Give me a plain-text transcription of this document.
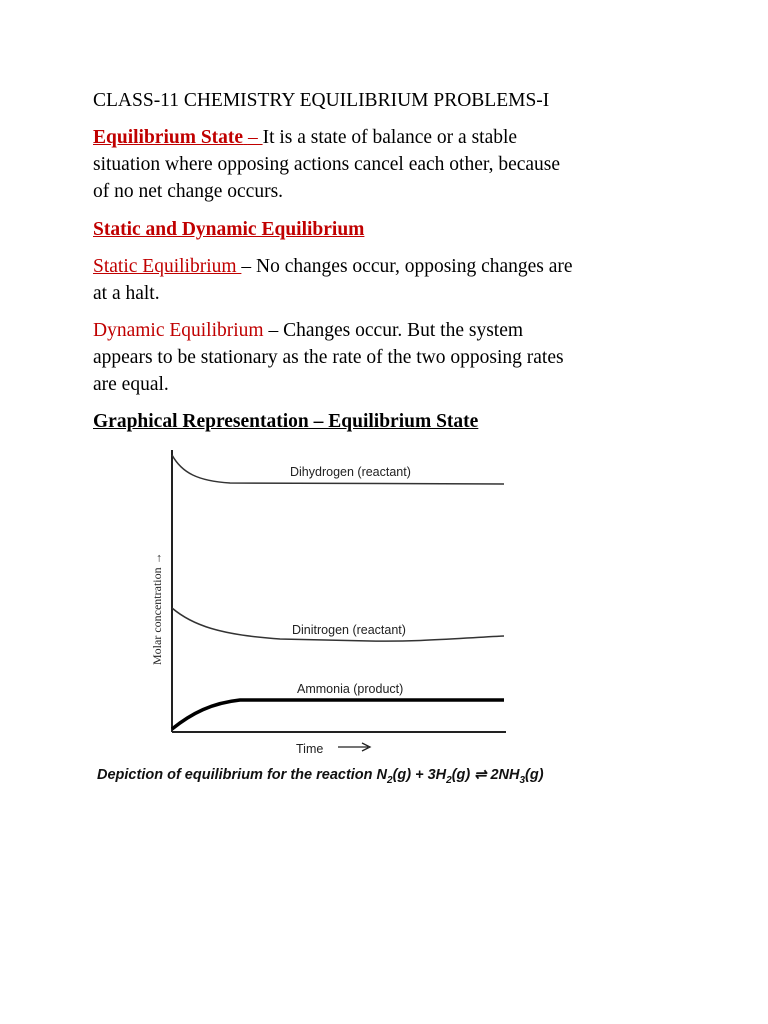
CLASS-11 CHEMISTRY EQUILIBRIUM PROBLEMS-I

Equilibrium State – It is a state of balance or a stable

situation where opposing actions cancel each other, because

of no net change occurs.

Static and Dynamic Equilibrium

Static Equilibrium – No changes occur, opposing changes are

at a halt.

Dynamic Equilibrium – Changes occur. But the system

appears to be stationary as the rate of the two opposing rates

are equal.

Graphical Representation – Equilibrium State

Dihydrogen (reactant)
Dinitrogen (reactant)
Ammonia (product)
Molar concentration →
Time
Depiction of equilibrium for the reaction $N_2(g) + 3H_2(g)$ ⇌ $2NH_3(g)$
